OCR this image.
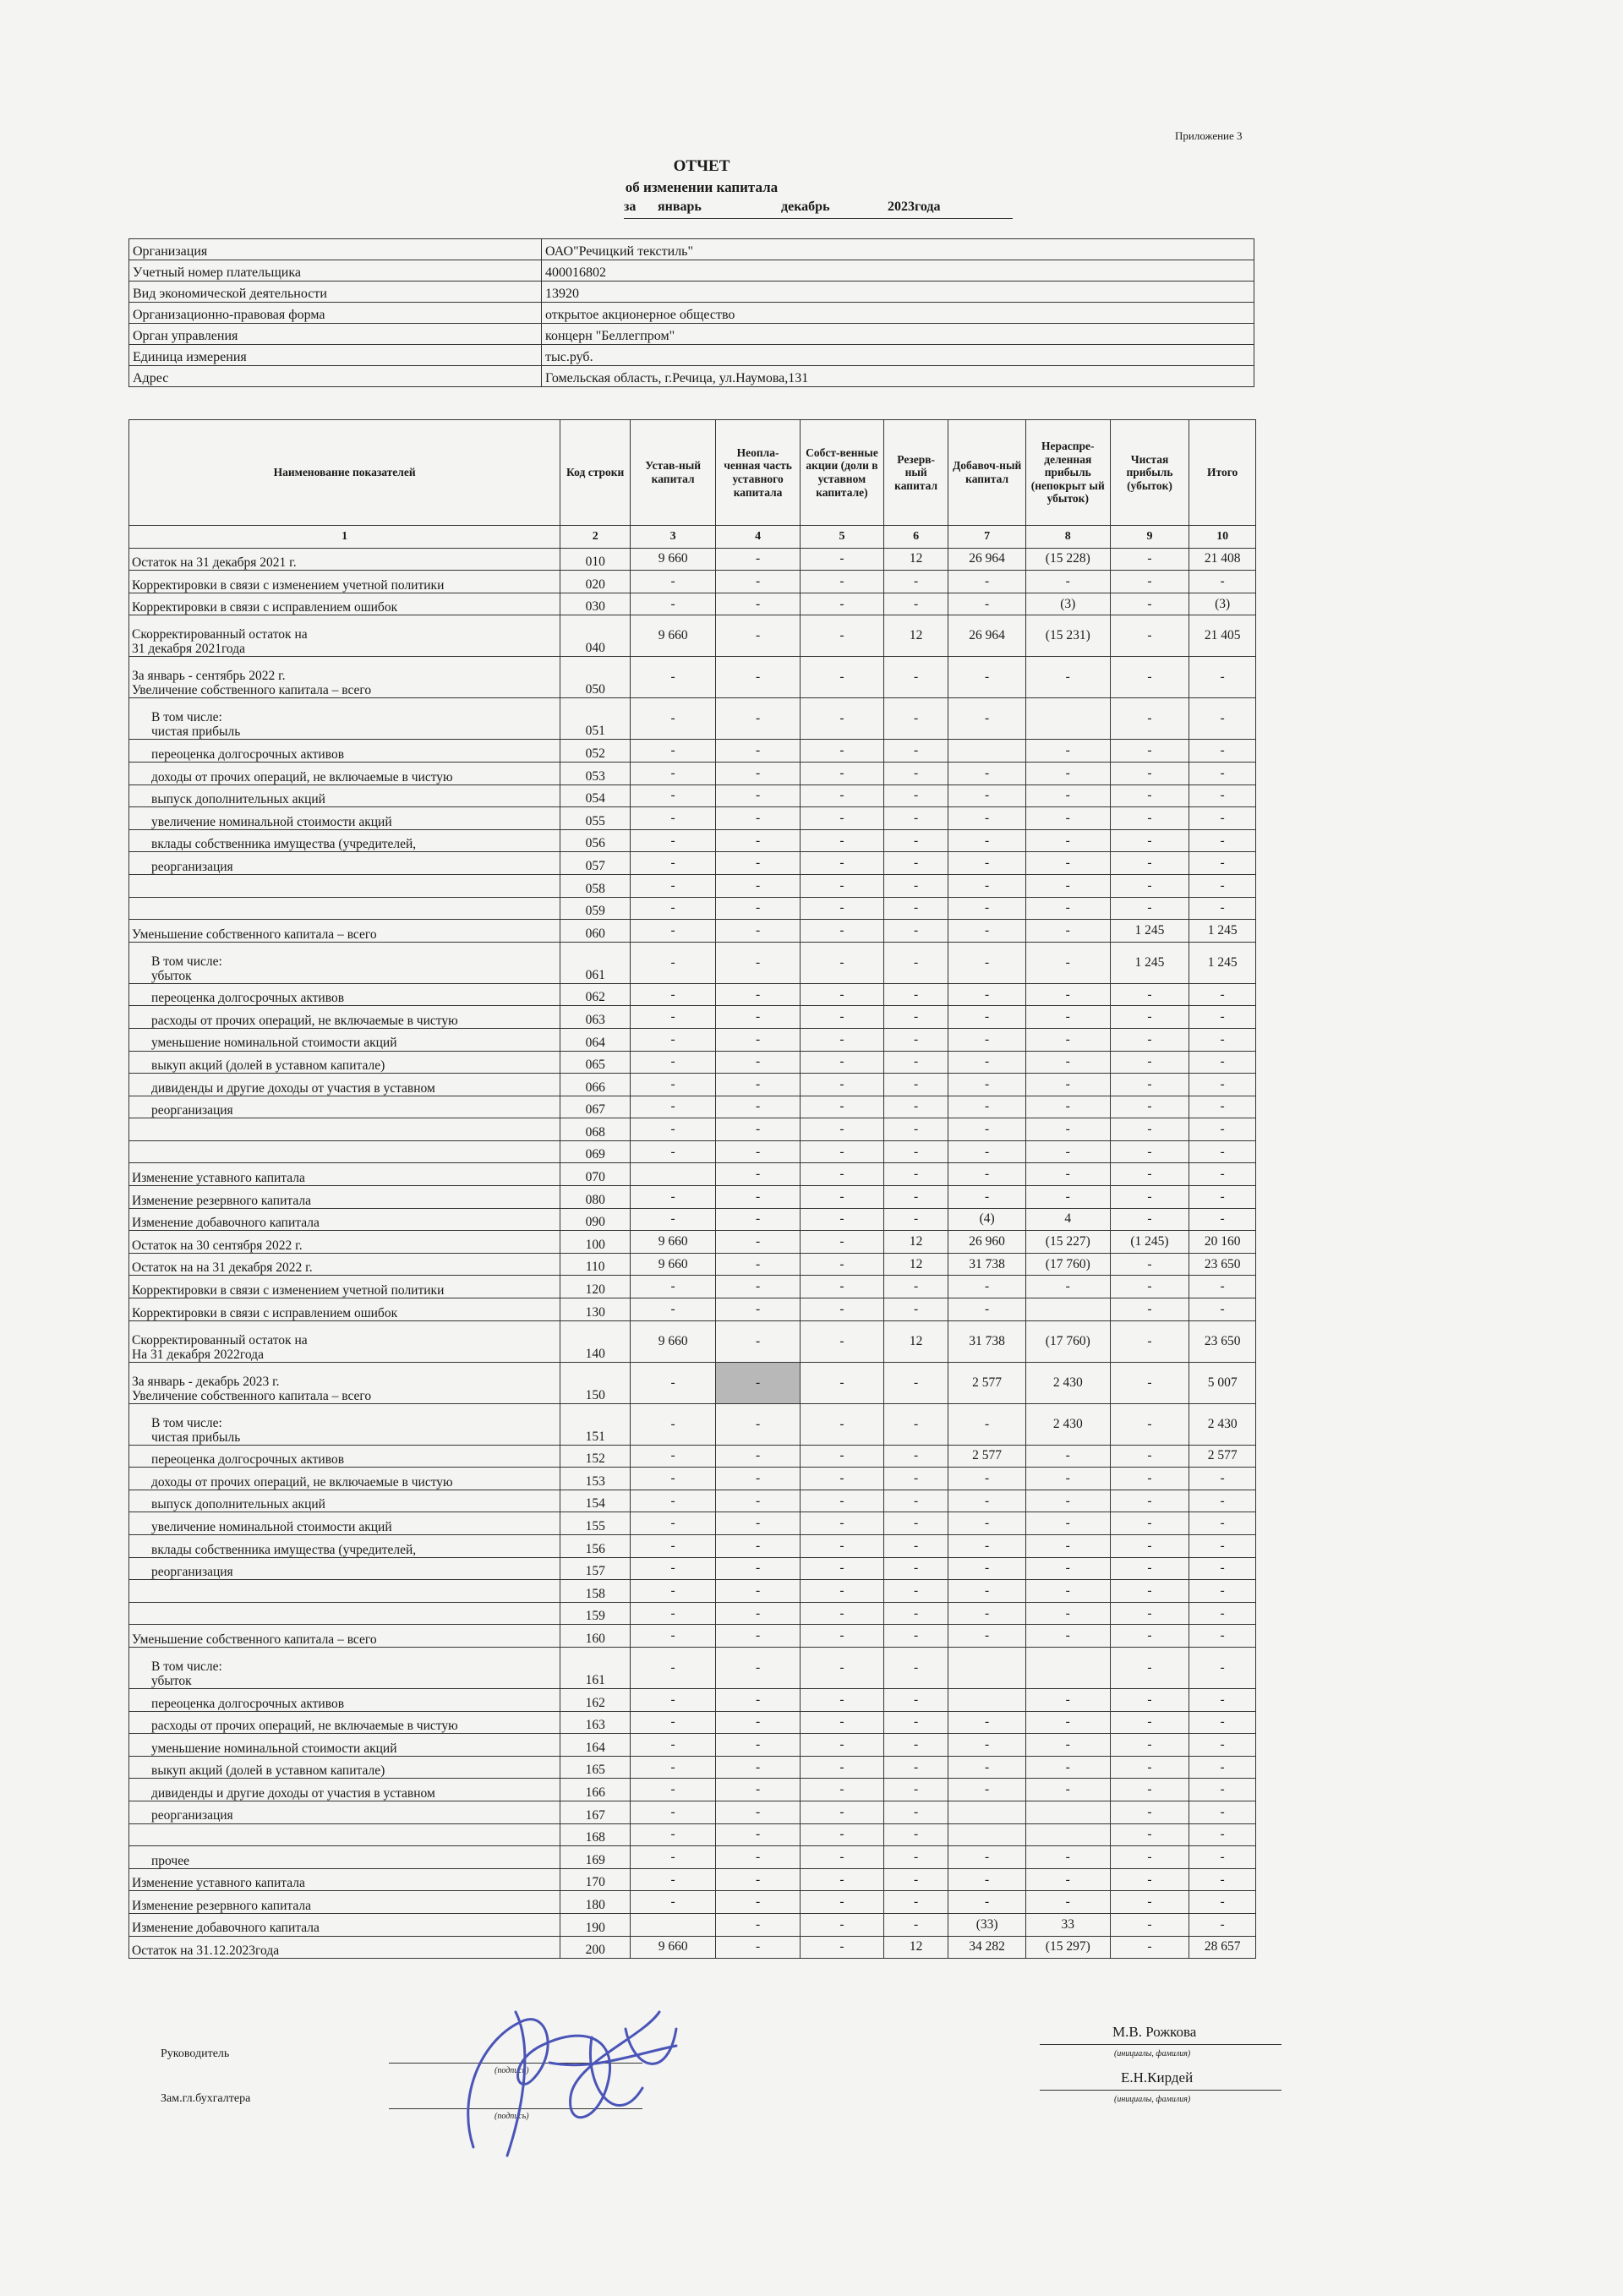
Приложение 3
ОТЧЕТ
об изменении капитала
за январь	декабрь	2023года
Организация	ОАО"Речицкий текстиль"
Учетный номер плательщика	400016802
Вид экономической деятельности	13920
Организационно-правовая форма	открытое акционерное общество
Орган управления	концерн "Беллегпром"
Единица измерения	тыс.руб.
Адрес	Гомельская область, г.Речица, ул.Наумова,131
Наименование показателей	Код строки	Устав-ный капитал	Неопла-ченная часть уставного капитала	Собст-венные акции (доли в уставном капитале)	Резерв-ный капитал	Добавоч-ный капитал	Нераспре-деленная прибыль (непокрыт ый убыток)	Чистая прибыль (убыток)	Итого
1	2	3	4	5	6	7	8	9	10
Остаток на 31 декабря 2021 г.	010	9 660	-	-	12	26 964	(15 228)	-	21 408
Корректировки в связи с изменением учетной политики	020	-	-	-	-	-	-	-	-
Корректировки в связи с исправлением ошибок	030	-	-	-	-	-	(3)	-	(3)
Скорректированный остаток на
31 декабря 2021года	040	9 660	-	-	12	26 964	(15 231)	-	21 405
За январь - сентябрь 2022 г.
Увеличение собственного капитала – всего	050	-	-	-	-	-	-	-	-
В том числе:
чистая прибыль	051	-	-	-	-	-		-	-
переоценка долгосрочных активов	052	-	-	-	-		-	-	-
доходы от прочих операций, не включаемые в чистую	053	-	-	-	-	-	-	-	-
выпуск дополнительных акций	054	-	-	-	-	-	-	-	-
увеличение номинальной стоимости акций	055	-	-	-	-	-	-	-	-
вклады собственника имущества (учредителей,	056	-	-	-	-	-	-	-	-
реорганизация	057	-	-	-	-	-	-	-	-
	058	-	-	-	-	-	-	-	-
	059	-	-	-	-	-	-	-	-
Уменьшение собственного капитала – всего	060	-	-	-	-	-	-	1 245	1 245
В том числе:
убыток	061	-	-	-	-	-	-	1 245	1 245
переоценка долгосрочных активов	062	-	-	-	-	-	-	-	-
расходы от прочих операций, не включаемые в чистую	063	-	-	-	-	-	-	-	-
уменьшение номинальной стоимости акций	064	-	-	-	-	-	-	-	-
выкуп акций (долей в уставном капитале)	065	-	-	-	-	-	-	-	-
дивиденды и другие доходы от участия в уставном	066	-	-	-	-	-	-	-	-
реорганизация	067	-	-	-	-	-	-	-	-
	068	-	-	-	-	-	-	-	-
	069	-	-	-	-	-	-	-	-
Изменение уставного капитала	070		-	-	-	-	-	-	-
Изменение резервного капитала	080	-	-	-	-	-	-	-	-
Изменение добавочного капитала	090	-	-	-	-	(4)	4	-	-
Остаток на 30 сентября 2022 г.	100	9 660	-	-	12	26 960	(15 227)	(1 245)	20 160
Остаток на на 31 декабря 2022 г.	110	9 660	-	-	12	31 738	(17 760)	-	23 650
Корректировки в связи с изменением учетной политики	120	-	-	-	-	-	-	-	-
Корректировки в связи с исправлением ошибок	130	-	-	-	-	-		-	-
Скорректированный остаток на
На 31 декабря 2022года	140	9 660	-	-	12	31 738	(17 760)	-	23 650
За январь - декабрь 2023 г.
Увеличение собственного капитала – всего	150	-	-	-	-	2 577	2 430	-	5 007
В том числе:
чистая прибыль	151	-	-	-	-	-	2 430	-	2 430
переоценка долгосрочных активов	152	-	-	-	-	2 577	-	-	2 577
доходы от прочих операций, не включаемые в чистую	153	-	-	-	-	-	-	-	-
выпуск дополнительных акций	154	-	-	-	-	-	-	-	-
увеличение номинальной стоимости акций	155	-	-	-	-	-	-	-	-
вклады собственника имущества (учредителей,	156	-	-	-	-	-	-	-	-
реорганизация	157	-	-	-	-	-	-	-	-
	158	-	-	-	-	-	-	-	-
	159	-	-	-	-	-	-	-	-
Уменьшение собственного капитала – всего	160	-	-	-	-	-	-	-	-
В том числе:
убыток	161	-	-	-	-			-	-
переоценка долгосрочных активов	162	-	-	-	-		-	-	-
расходы от прочих операций, не включаемые в чистую	163	-	-	-	-	-	-	-	-
уменьшение номинальной стоимости акций	164	-	-	-	-	-	-	-	-
выкуп акций (долей в уставном капитале)	165	-	-	-	-	-	-	-	-
дивиденды и другие доходы от участия в уставном	166	-	-	-	-	-	-	-	-
реорганизация	167	-	-	-	-			-	-
	168	-	-	-	-			-	-
прочее	169	-	-	-	-	-	-	-	-
Изменение уставного капитала	170	-	-	-	-	-	-	-	-
Изменение резервного капитала	180	-	-	-	-	-	-	-	-
Изменение добавочного капитала	190		-	-	-	(33)	33	-	-
Остаток на 31.12.2023года	200	9 660	-	-	12	34 282	(15 297)	-	28 657
Руководитель
(подпись)
М.В. Рожкова
(инициалы, фамилия)
Зам.гл.бухгалтера
(подпись)
Е.Н.Кирдей
(инициалы, фамилия)
